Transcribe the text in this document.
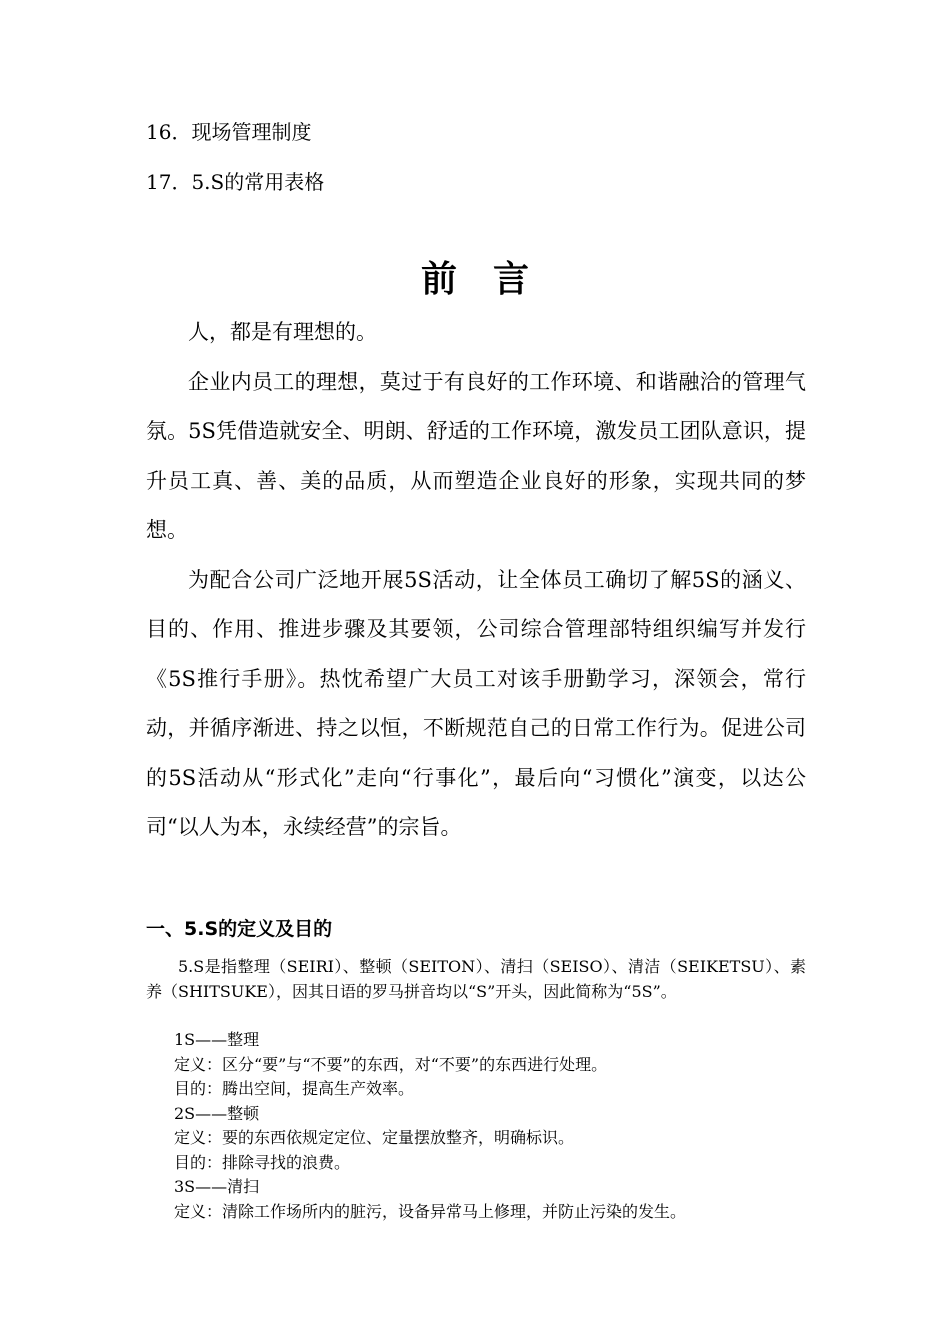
16．现场管理制度
17．5.S的常用表格
前　言

人，都是有理想的。

企业内员工的理想，莫过于有良好的工作环境、和谐融洽的管理气氛。5S凭借造就安全、明朗、舒适的工作环境，激发员工团队意识，提升员工真、善、美的品质，从而塑造企业良好的形象，实现共同的梦想。

为配合公司广泛地开展5S活动，让全体员工确切了解5S的涵义、目的、作用、推进步骤及其要领，公司综合管理部特组织编写并发行《5S推行手册》。热忱希望广大员工对该手册勤学习，深领会，常行动，并循序渐进、持之以恒，不断规范自己的日常工作行为。促进公司的5S活动从“形式化”走向“行事化”，最后向“习惯化”演变，以达公司“以人为本，永续经营”的宗旨。

一、5.S的定义及目的

5.S是指整理（SEIRI）、整顿（SEITON）、清扫（SEISO）、清洁（SEIKETSU）、素养（SHITSUKE），因其日语的罗马拼音均以“S”开头，因此简称为“5S”。

1S——整理
定义：区分“要”与“不要”的东西，对“不要”的东西进行处理。
目的：腾出空间，提高生产效率。
2S——整顿
定义：要的东西依规定定位、定量摆放整齐，明确标识。
目的：排除寻找的浪费。
3S——清扫
定义：清除工作场所内的脏污，设备异常马上修理，并防止污染的发生。
